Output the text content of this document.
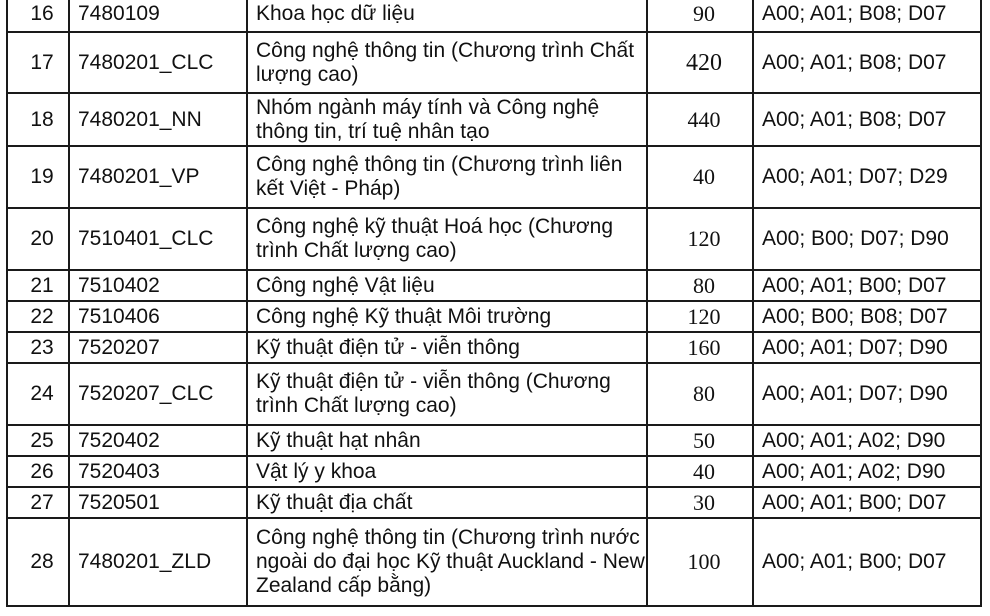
16	7480109	Khoa học dữ liệu	90	A00; A01; B08; D07
17	7480201_CLC	Công nghệ thông tin (Chương trình Chất lượng cao)	420	A00; A01; B08; D07
18	7480201_NN	Nhóm ngành máy tính và Công nghệ thông tin, trí tuệ nhân tạo	440	A00; A01; B08; D07
19	7480201_VP	Công nghệ thông tin (Chương trình liên kết Việt - Pháp)	40	A00; A01; D07; D29
20	7510401_CLC	Công nghệ kỹ thuật Hoá học (Chương trình Chất lượng cao)	120	A00; B00; D07; D90
21	7510402	Công nghệ Vật liệu	80	A00; A01; B00; D07
22	7510406	Công nghệ Kỹ thuật Môi trường	120	A00; B00; B08; D07
23	7520207	Kỹ thuật điện tử - viễn thông	160	A00; A01; D07; D90
24	7520207_CLC	Kỹ thuật điện tử - viễn thông (Chương trình Chất lượng cao)	80	A00; A01; D07; D90
25	7520402	Kỹ thuật hạt nhân	50	A00; A01; A02; D90
26	7520403	Vật lý y khoa	40	A00; A01; A02; D90
27	7520501	Kỹ thuật địa chất	30	A00; A01; B00; D07
28	7480201_ZLD	Công nghệ thông tin (Chương trình nước ngoài do đại học Kỹ thuật Auckland - New Zealand cấp bằng)	100	A00; A01; B00; D07
